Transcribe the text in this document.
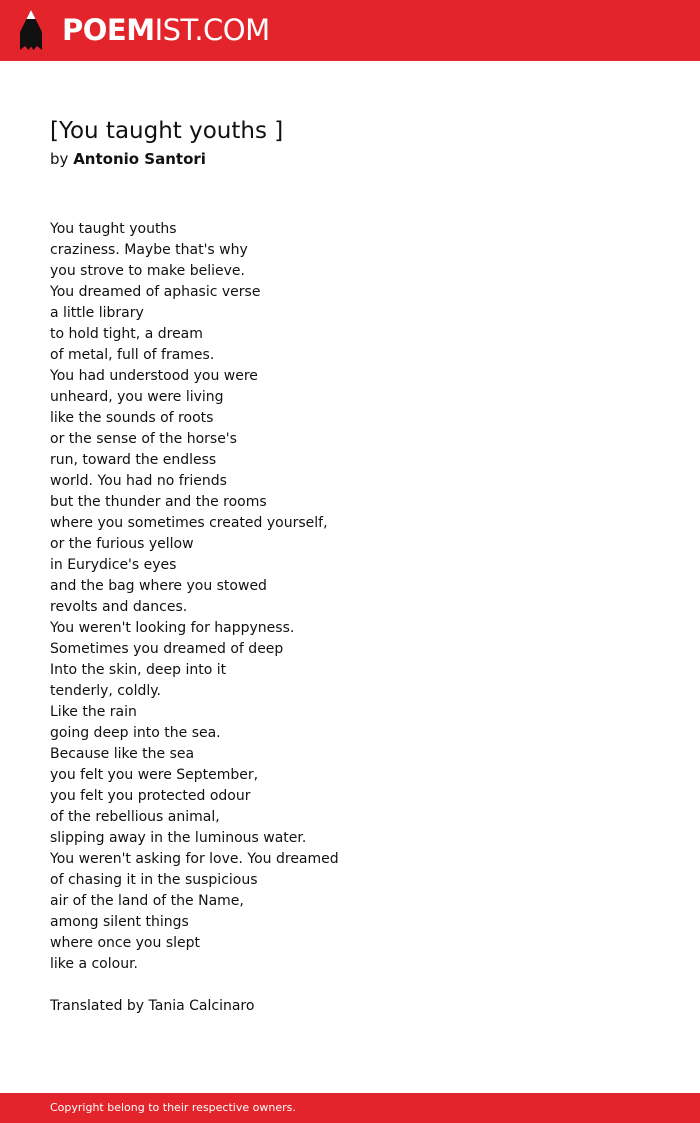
POEMIST.COM
[You taught youths ]
by Antonio Santori
You taught youths
craziness. Maybe that's why
you strove to make believe.
You dreamed of aphasic verse
a little library
to hold tight, a dream
of metal, full of frames.
You had understood you were
unheard, you were living
like the sounds of roots
or the sense of the horse's
run, toward the endless
world. You had no friends
but the thunder and the rooms
where you sometimes created yourself,
or the furious yellow
in Eurydice's eyes
and the bag where you stowed
revolts and dances.
You weren't looking for happyness.
Sometimes you dreamed of deep
Into the skin, deep into it
tenderly, coldly.
Like the rain
going deep into the sea.
Because like the sea
you felt you were September,
you felt you protected odour
of the rebellious animal,
slipping away in the luminous water.
You weren't asking for love. You dreamed
of chasing it in the suspicious
air of the land of the Name,
among silent things
where once you slept
like a colour.
Translated by Tania Calcinaro
Copyright belong to their respective owners.
